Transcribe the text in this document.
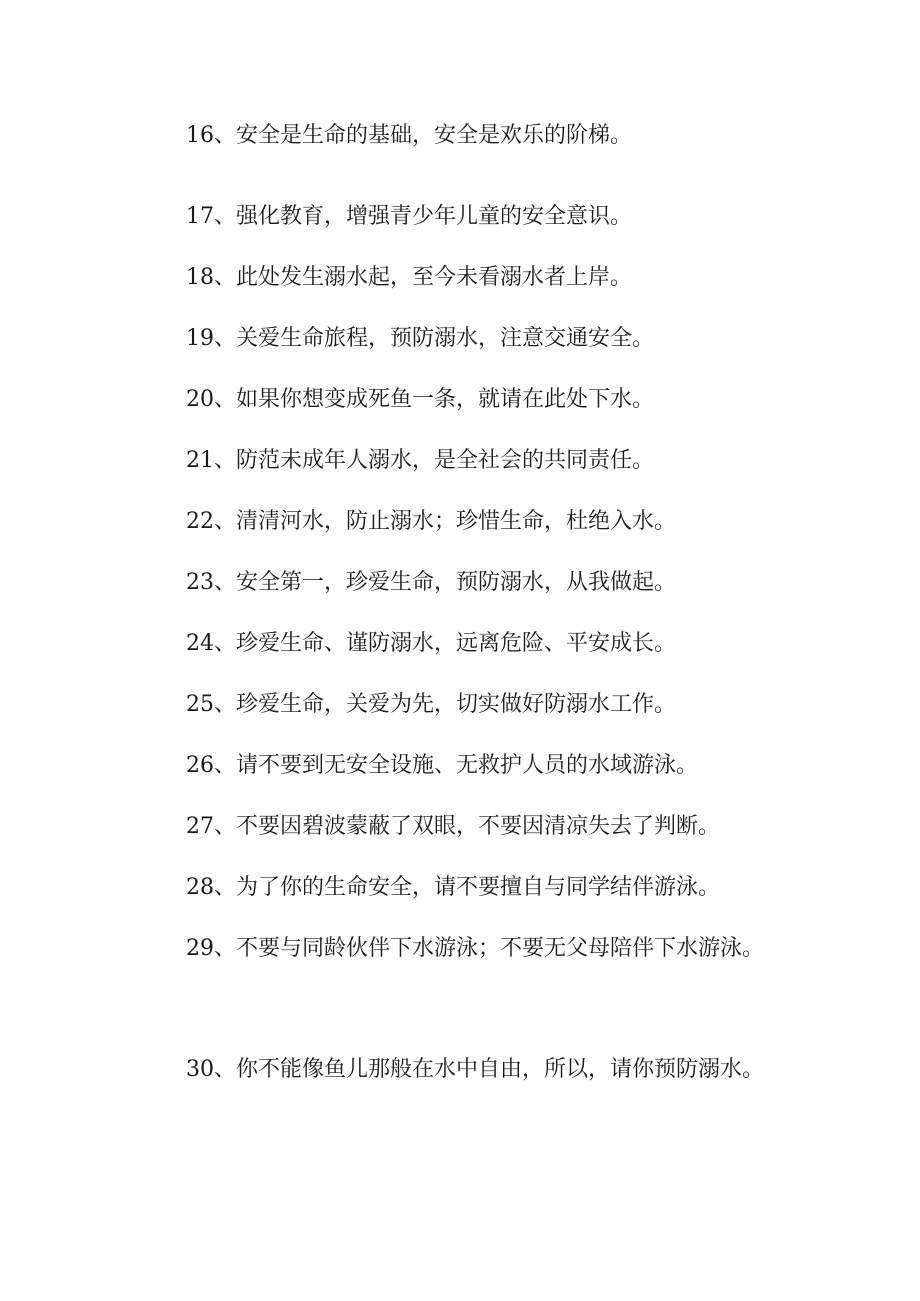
16、安全是生命的基础，安全是欢乐的阶梯。

17、强化教育，增强青少年儿童的安全意识。

18、此处发生溺水起，至今未看溺水者上岸。

19、关爱生命旅程，预防溺水，注意交通安全。

20、如果你想变成死鱼一条，就请在此处下水。

21、防范未成年人溺水，是全社会的共同责任。

22、清清河水，防止溺水；珍惜生命，杜绝入水。

23、安全第一，珍爱生命，预防溺水，从我做起。

24、珍爱生命、谨防溺水，远离危险、平安成长。

25、珍爱生命，关爱为先，切实做好防溺水工作。

26、请不要到无安全设施、无救护人员的水域游泳。

27、不要因碧波蒙蔽了双眼，不要因清凉失去了判断。

28、为了你的生命安全，请不要擅自与同学结伴游泳。

29、不要与同龄伙伴下水游泳；不要无父母陪伴下水游泳。

30、你不能像鱼儿那般在水中自由，所以，请你预防溺水。
